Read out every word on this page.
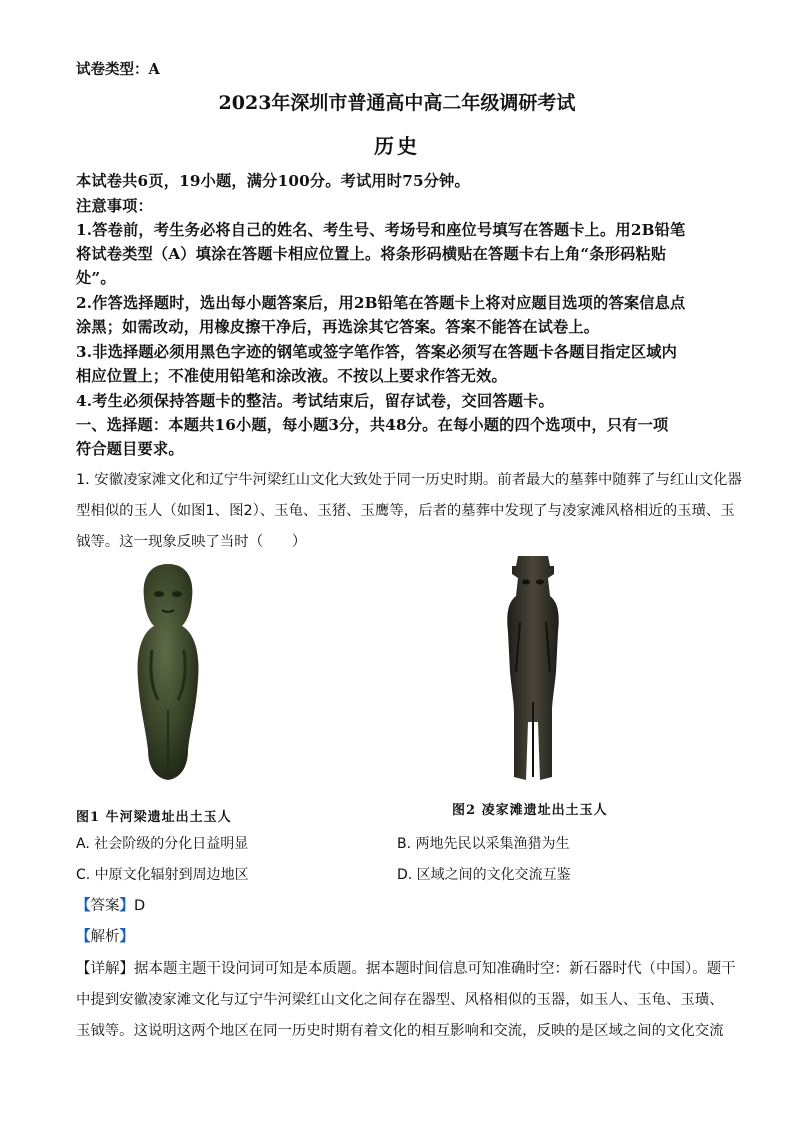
试卷类型：A
2023年深圳市普通高中高二年级调研考试
历史
本试卷共6页，19小题，满分100分。考试用时75分钟。
注意事项：
1.答卷前，考生务必将自己的姓名、考生号、考场号和座位号填写在答题卡上。用2B铅笔
将试卷类型（A）填涂在答题卡相应位置上。将条形码横贴在答题卡右上角“条形码粘贴
处”。
2.作答选择题时，选出每小题答案后，用2B铅笔在答题卡上将对应题目选项的答案信息点
涂黑；如需改动，用橡皮擦干净后，再选涂其它答案。答案不能答在试卷上。
3.非选择题必须用黑色字迹的钢笔或签字笔作答，答案必须写在答题卡各题目指定区域内
相应位置上；不准使用铅笔和涂改液。不按以上要求作答无效。
4.考生必须保持答题卡的整洁。考试结束后，留存试卷，交回答题卡。
一、选择题：本题共16小题，每小题3分，共48分。在每小题的四个选项中，只有一项
符合题目要求。
1. 安徽凌家滩文化和辽宁牛河梁红山文化大致处于同一历史时期。前者最大的墓葬中随葬了与红山文化器
型相似的玉人（如图1、图2）、玉龟、玉猪、玉鹰等，后者的墓葬中发现了与凌家滩风格相近的玉璜、玉
钺等。这一现象反映了当时（　　）
图1 牛河梁遗址出土玉人	图2 凌家滩遗址出土玉人
A. 社会阶级的分化日益明显	B. 两地先民以采集渔猎为生
C. 中原文化辐射到周边地区	D. 区域之间的文化交流互鉴
【答案】D
【解析】
【详解】据本题主题干设问词可知是本质题。据本题时间信息可知准确时空：新石器时代（中国）。题干
中提到安徽凌家滩文化与辽宁牛河梁红山文化之间存在器型、风格相似的玉器，如玉人、玉龟、玉璜、
玉钺等。这说明这两个地区在同一历史时期有着文化的相互影响和交流，反映的是区域之间的文化交流
